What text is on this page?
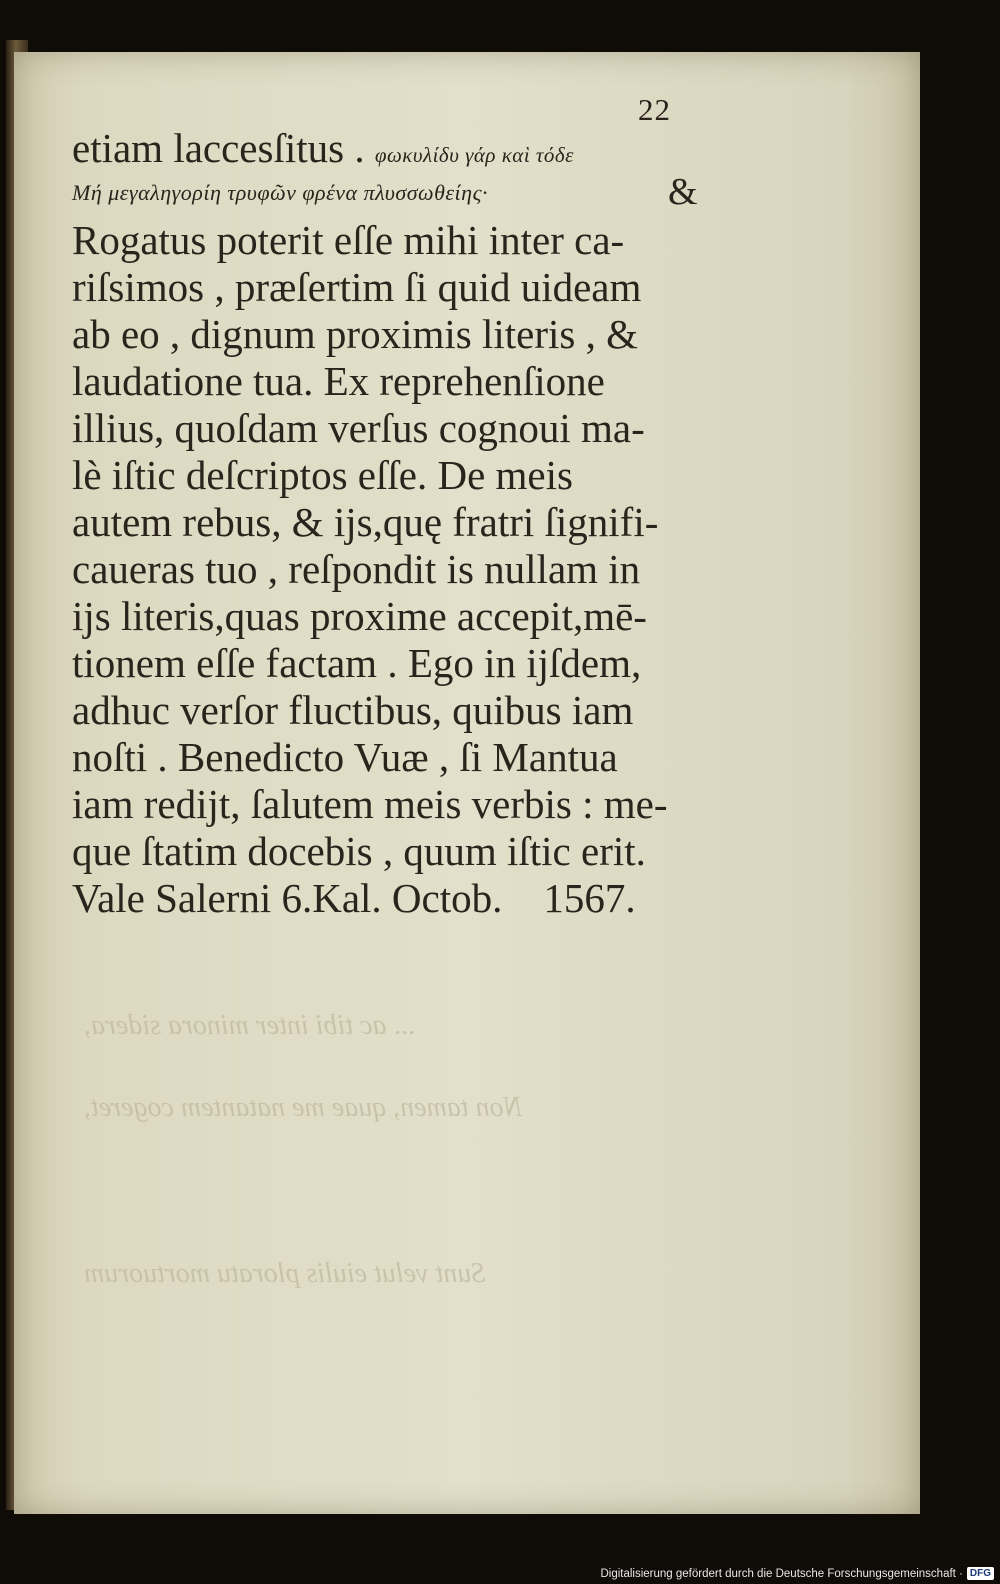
22
... ac tibi inter minora sidera,
Non tamen, quae me natantem cogeret,
Sunt velut eiulis ploratu mortuorum
etiam laccesſitus . φωκυλίδυ γάρ καὶ τόδε
Μή μεγαληγορίη τρυφῶν φρένα πλυσσωθείης·	&
Rogatus poterit eſſe mihi inter ca-
riſsimos , præſertim ſi quid uideam
ab eo , dignum proximis literis , &
laudatione tua. Ex reprehenſione
illius, quoſdam verſus cognoui ma-
lè iſtic deſcriptos eſſe. De meis
autem rebus, & ijs,quę fratri ſignifi-
caueras tuo , reſpondit is nullam in
ijs literis,quas proxime accepit,mē-
tionem eſſe factam . Ego in ijſdem,
adhuc verſor fluctibus, quibus iam
noſti . Benedicto Vuæ , ſi Mantua
iam redijt, ſalutem meis verbis : me-
que ſtatim docebis , quum iſtic erit.
Vale Salerni 6.Kal. Octob.    1567.
Digitalisierung gefördert durch die Deutsche Forschungsgemeinschaft · DFG
